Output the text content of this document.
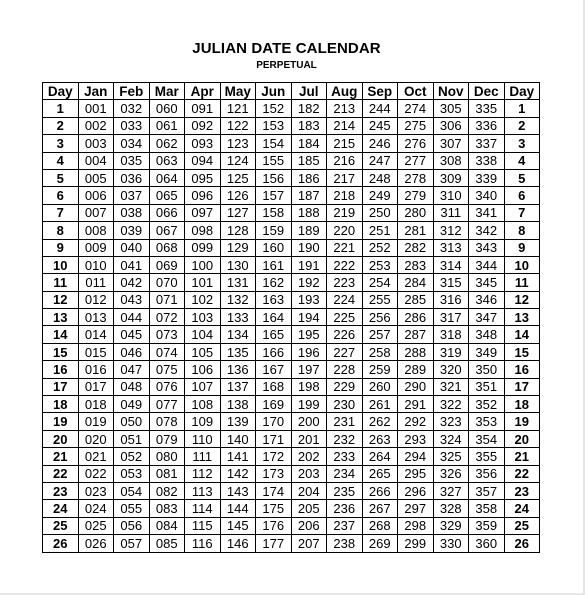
JULIAN DATE CALENDAR
PERPETUAL
Day	Jan	Feb	Mar	Apr	May	Jun	Jul	Aug	Sep	Oct	Nov	Dec	Day
1	001	032	060	091	121	152	182	213	244	274	305	335	1
2	002	033	061	092	122	153	183	214	245	275	306	336	2
3	003	034	062	093	123	154	184	215	246	276	307	337	3
4	004	035	063	094	124	155	185	216	247	277	308	338	4
5	005	036	064	095	125	156	186	217	248	278	309	339	5
6	006	037	065	096	126	157	187	218	249	279	310	340	6
7	007	038	066	097	127	158	188	219	250	280	311	341	7
8	008	039	067	098	128	159	189	220	251	281	312	342	8
9	009	040	068	099	129	160	190	221	252	282	313	343	9
10	010	041	069	100	130	161	191	222	253	283	314	344	10
11	011	042	070	101	131	162	192	223	254	284	315	345	11
12	012	043	071	102	132	163	193	224	255	285	316	346	12
13	013	044	072	103	133	164	194	225	256	286	317	347	13
14	014	045	073	104	134	165	195	226	257	287	318	348	14
15	015	046	074	105	135	166	196	227	258	288	319	349	15
16	016	047	075	106	136	167	197	228	259	289	320	350	16
17	017	048	076	107	137	168	198	229	260	290	321	351	17
18	018	049	077	108	138	169	199	230	261	291	322	352	18
19	019	050	078	109	139	170	200	231	262	292	323	353	19
20	020	051	079	110	140	171	201	232	263	293	324	354	20
21	021	052	080	111	141	172	202	233	264	294	325	355	21
22	022	053	081	112	142	173	203	234	265	295	326	356	22
23	023	054	082	113	143	174	204	235	266	296	327	357	23
24	024	055	083	114	144	175	205	236	267	297	328	358	24
25	025	056	084	115	145	176	206	237	268	298	329	359	25
26	026	057	085	116	146	177	207	238	269	299	330	360	26
